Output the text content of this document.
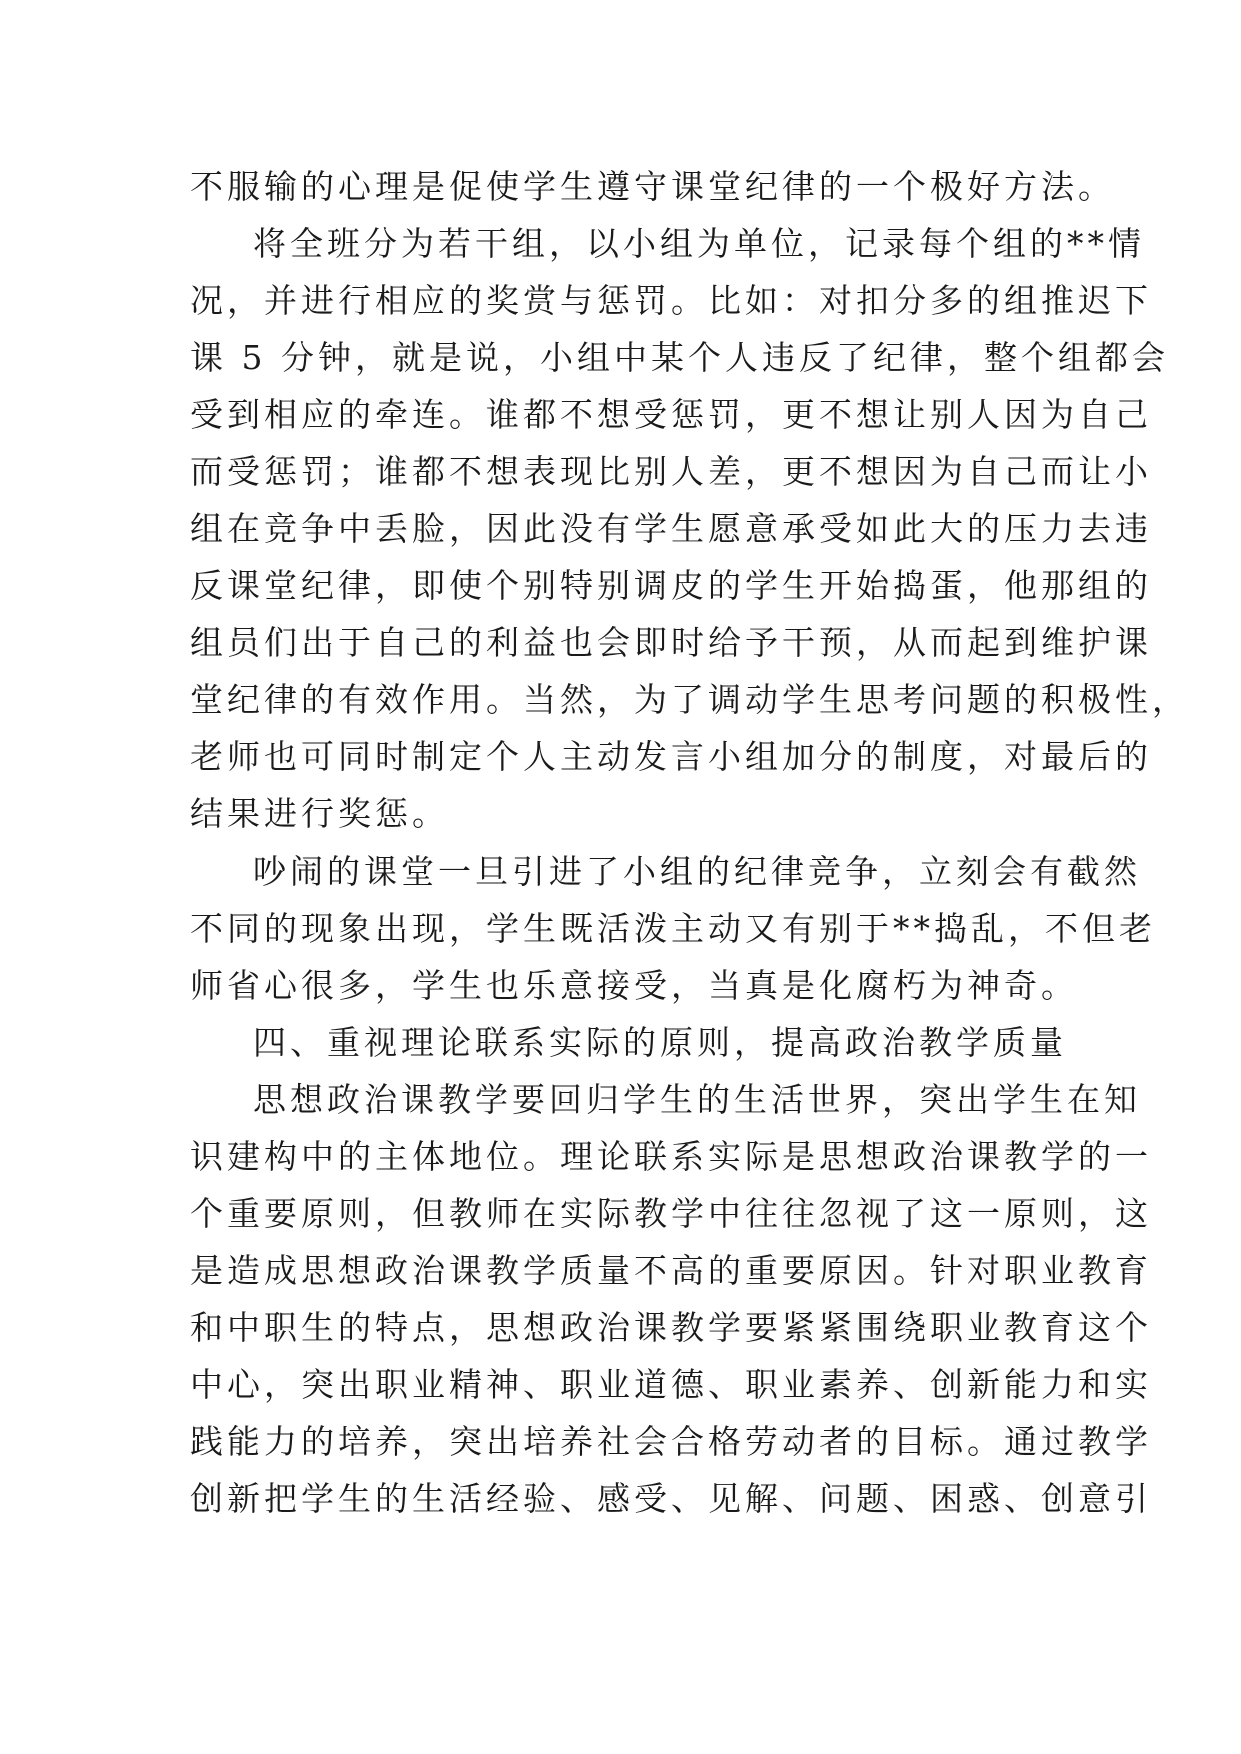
不服输的心理是促使学生遵守课堂纪律的一个极好方法。
将全班分为若干组，以小组为单位，记录每个组的**情
况，并进行相应的奖赏与惩罚。比如：对扣分多的组推迟下
课 5 分钟，就是说，小组中某个人违反了纪律，整个组都会
受到相应的牵连。谁都不想受惩罚，更不想让别人因为自己
而受惩罚；谁都不想表现比别人差，更不想因为自己而让小
组在竞争中丢脸，因此没有学生愿意承受如此大的压力去违
反课堂纪律，即使个别特别调皮的学生开始捣蛋，他那组的
组员们出于自己的利益也会即时给予干预，从而起到维护课
堂纪律的有效作用。当然，为了调动学生思考问题的积极性，
老师也可同时制定个人主动发言小组加分的制度，对最后的
结果进行奖惩。
吵闹的课堂一旦引进了小组的纪律竞争，立刻会有截然
不同的现象出现，学生既活泼主动又有别于**捣乱，不但老
师省心很多，学生也乐意接受，当真是化腐朽为神奇。
四、重视理论联系实际的原则，提高政治教学质量
思想政治课教学要回归学生的生活世界，突出学生在知
识建构中的主体地位。理论联系实际是思想政治课教学的一
个重要原则，但教师在实际教学中往往忽视了这一原则，这
是造成思想政治课教学质量不高的重要原因。针对职业教育
和中职生的特点，思想政治课教学要紧紧围绕职业教育这个
中心，突出职业精神、职业道德、职业素养、创新能力和实
践能力的培养，突出培养社会合格劳动者的目标。通过教学
创新把学生的生活经验、感受、见解、问题、困惑、创意引
